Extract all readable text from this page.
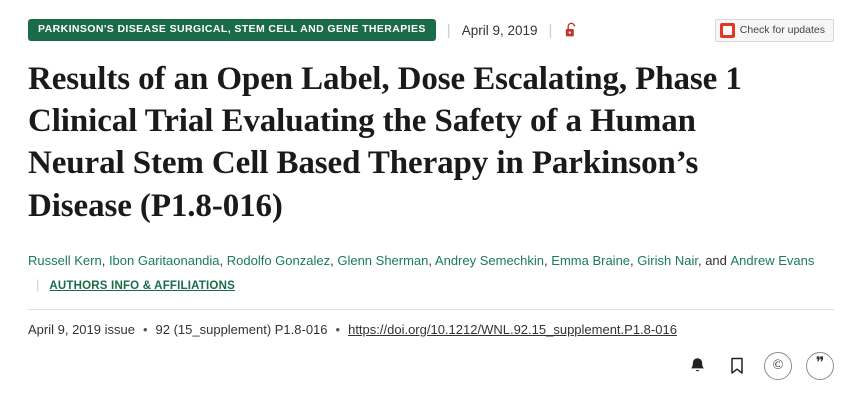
PARKINSON'S DISEASE SURGICAL, STEM CELL AND GENE THERAPIES	| April 9, 2019 |	Check for updates
Results of an Open Label, Dose Escalating, Phase 1 Clinical Trial Evaluating the Safety of a Human Neural Stem Cell Based Therapy in Parkinson’s Disease (P1.8-016)
Russell Kern, Ibon Garitaonandia, Rodolfo Gonzalez, Glenn Sherman, Andrey Semechkin, Emma Braine, Girish Nair, and Andrew Evans| AUTHORS INFO & AFFILIATIONS
April 9, 2019 issue • 92 (15_supplement) P1.8-016 • https://doi.org/10.1212/WNL.92.15_supplement.P1.8-016
©	❞
